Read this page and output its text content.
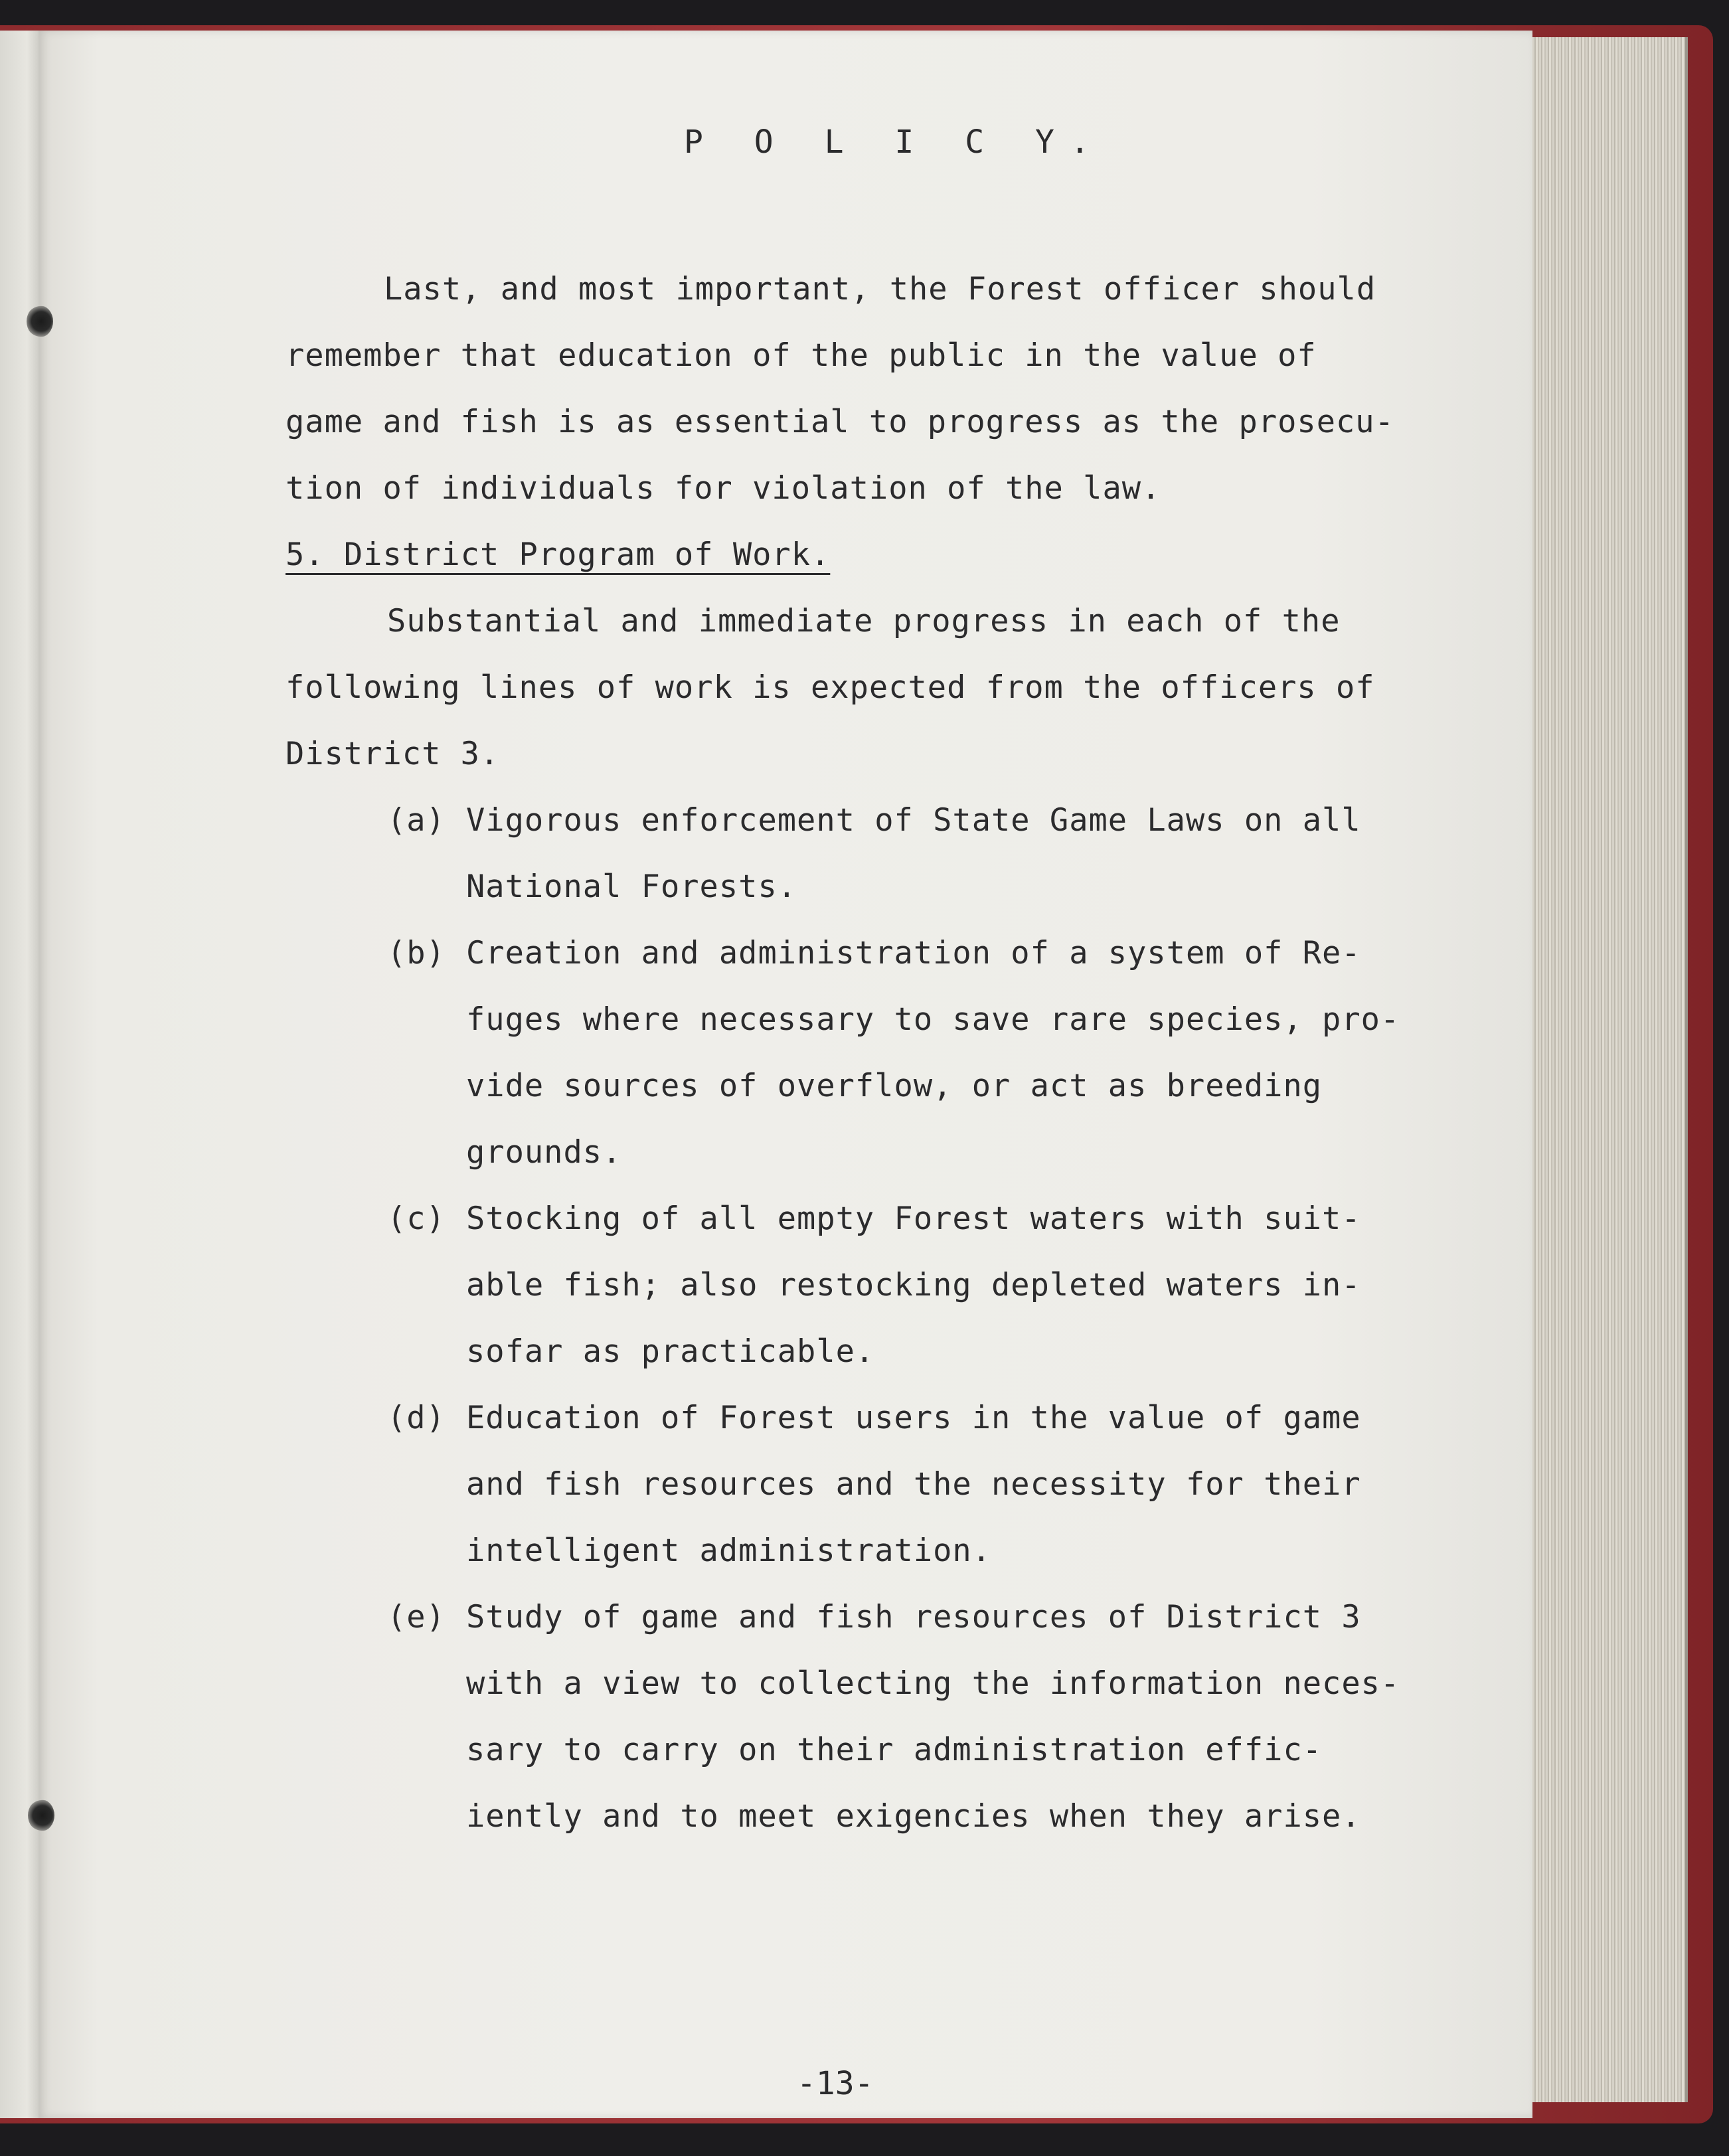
P O L I C Y.
Last, and most important, the Forest officer should
remember that education of the public in the value of
game and fish is as essential to progress as the prosecu-
tion of individuals for violation of the law.
5. District Program of Work.
Substantial and immediate progress in each of the
following lines of work is expected from the officers of
District 3.
(a) Vigorous enforcement of State Game Laws on all
National Forests.
(b) Creation and administration of a system of Re-
fuges where necessary to save rare species, pro-
vide sources of overflow, or act as breeding
grounds.
(c) Stocking of all empty Forest waters with suit-
able fish; also restocking depleted waters in-
sofar as practicable.
(d) Education of Forest users in the value of game
and fish resources and the necessity for their
intelligent administration.
(e) Study of game and fish resources of District 3
with a view to collecting the information neces-
sary to carry on their administration effic-
iently and to meet exigencies when they arise.
-13-
